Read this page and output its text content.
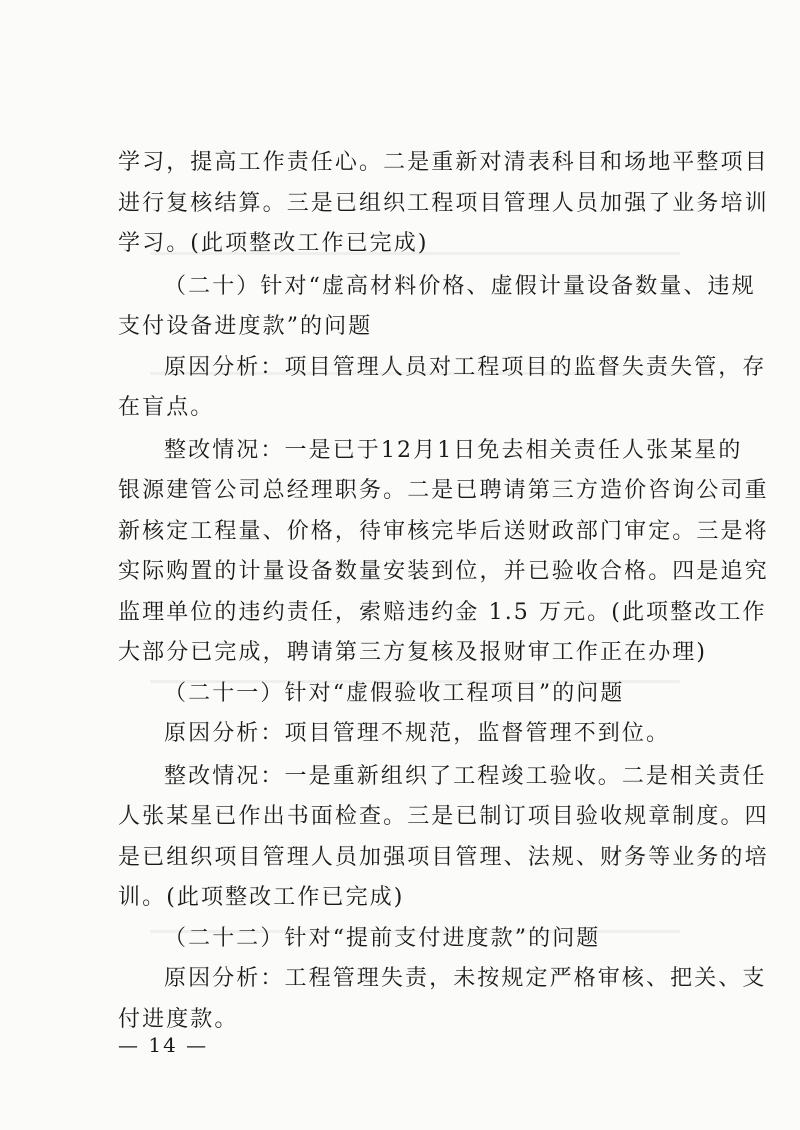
学习，提高工作责任心。二是重新对清表科目和场地平整项目
进行复核结算。三是已组织工程项目管理人员加强了业务培训
学习。(此项整改工作已完成)
（二十）针对“虚高材料价格、虚假计量设备数量、违规
支付设备进度款”的问题
原因分析：项目管理人员对工程项目的监督失责失管，存
在盲点。
整改情况：一是已于12月1日免去相关责任人张某星的
银源建管公司总经理职务。二是已聘请第三方造价咨询公司重
新核定工程量、价格，待审核完毕后送财政部门审定。三是将
实际购置的计量设备数量安装到位，并已验收合格。四是追究
监理单位的违约责任，索赔违约金 1.5 万元。(此项整改工作
大部分已完成，聘请第三方复核及报财审工作正在办理)
（二十一）针对“虚假验收工程项目”的问题
原因分析：项目管理不规范，监督管理不到位。
整改情况：一是重新组织了工程竣工验收。二是相关责任
人张某星已作出书面检查。三是已制订项目验收规章制度。四
是已组织项目管理人员加强项目管理、法规、财务等业务的培
训。(此项整改工作已完成)
（二十二）针对“提前支付进度款”的问题
原因分析：工程管理失责，未按规定严格审核、把关、支
付进度款。
— 14 —
